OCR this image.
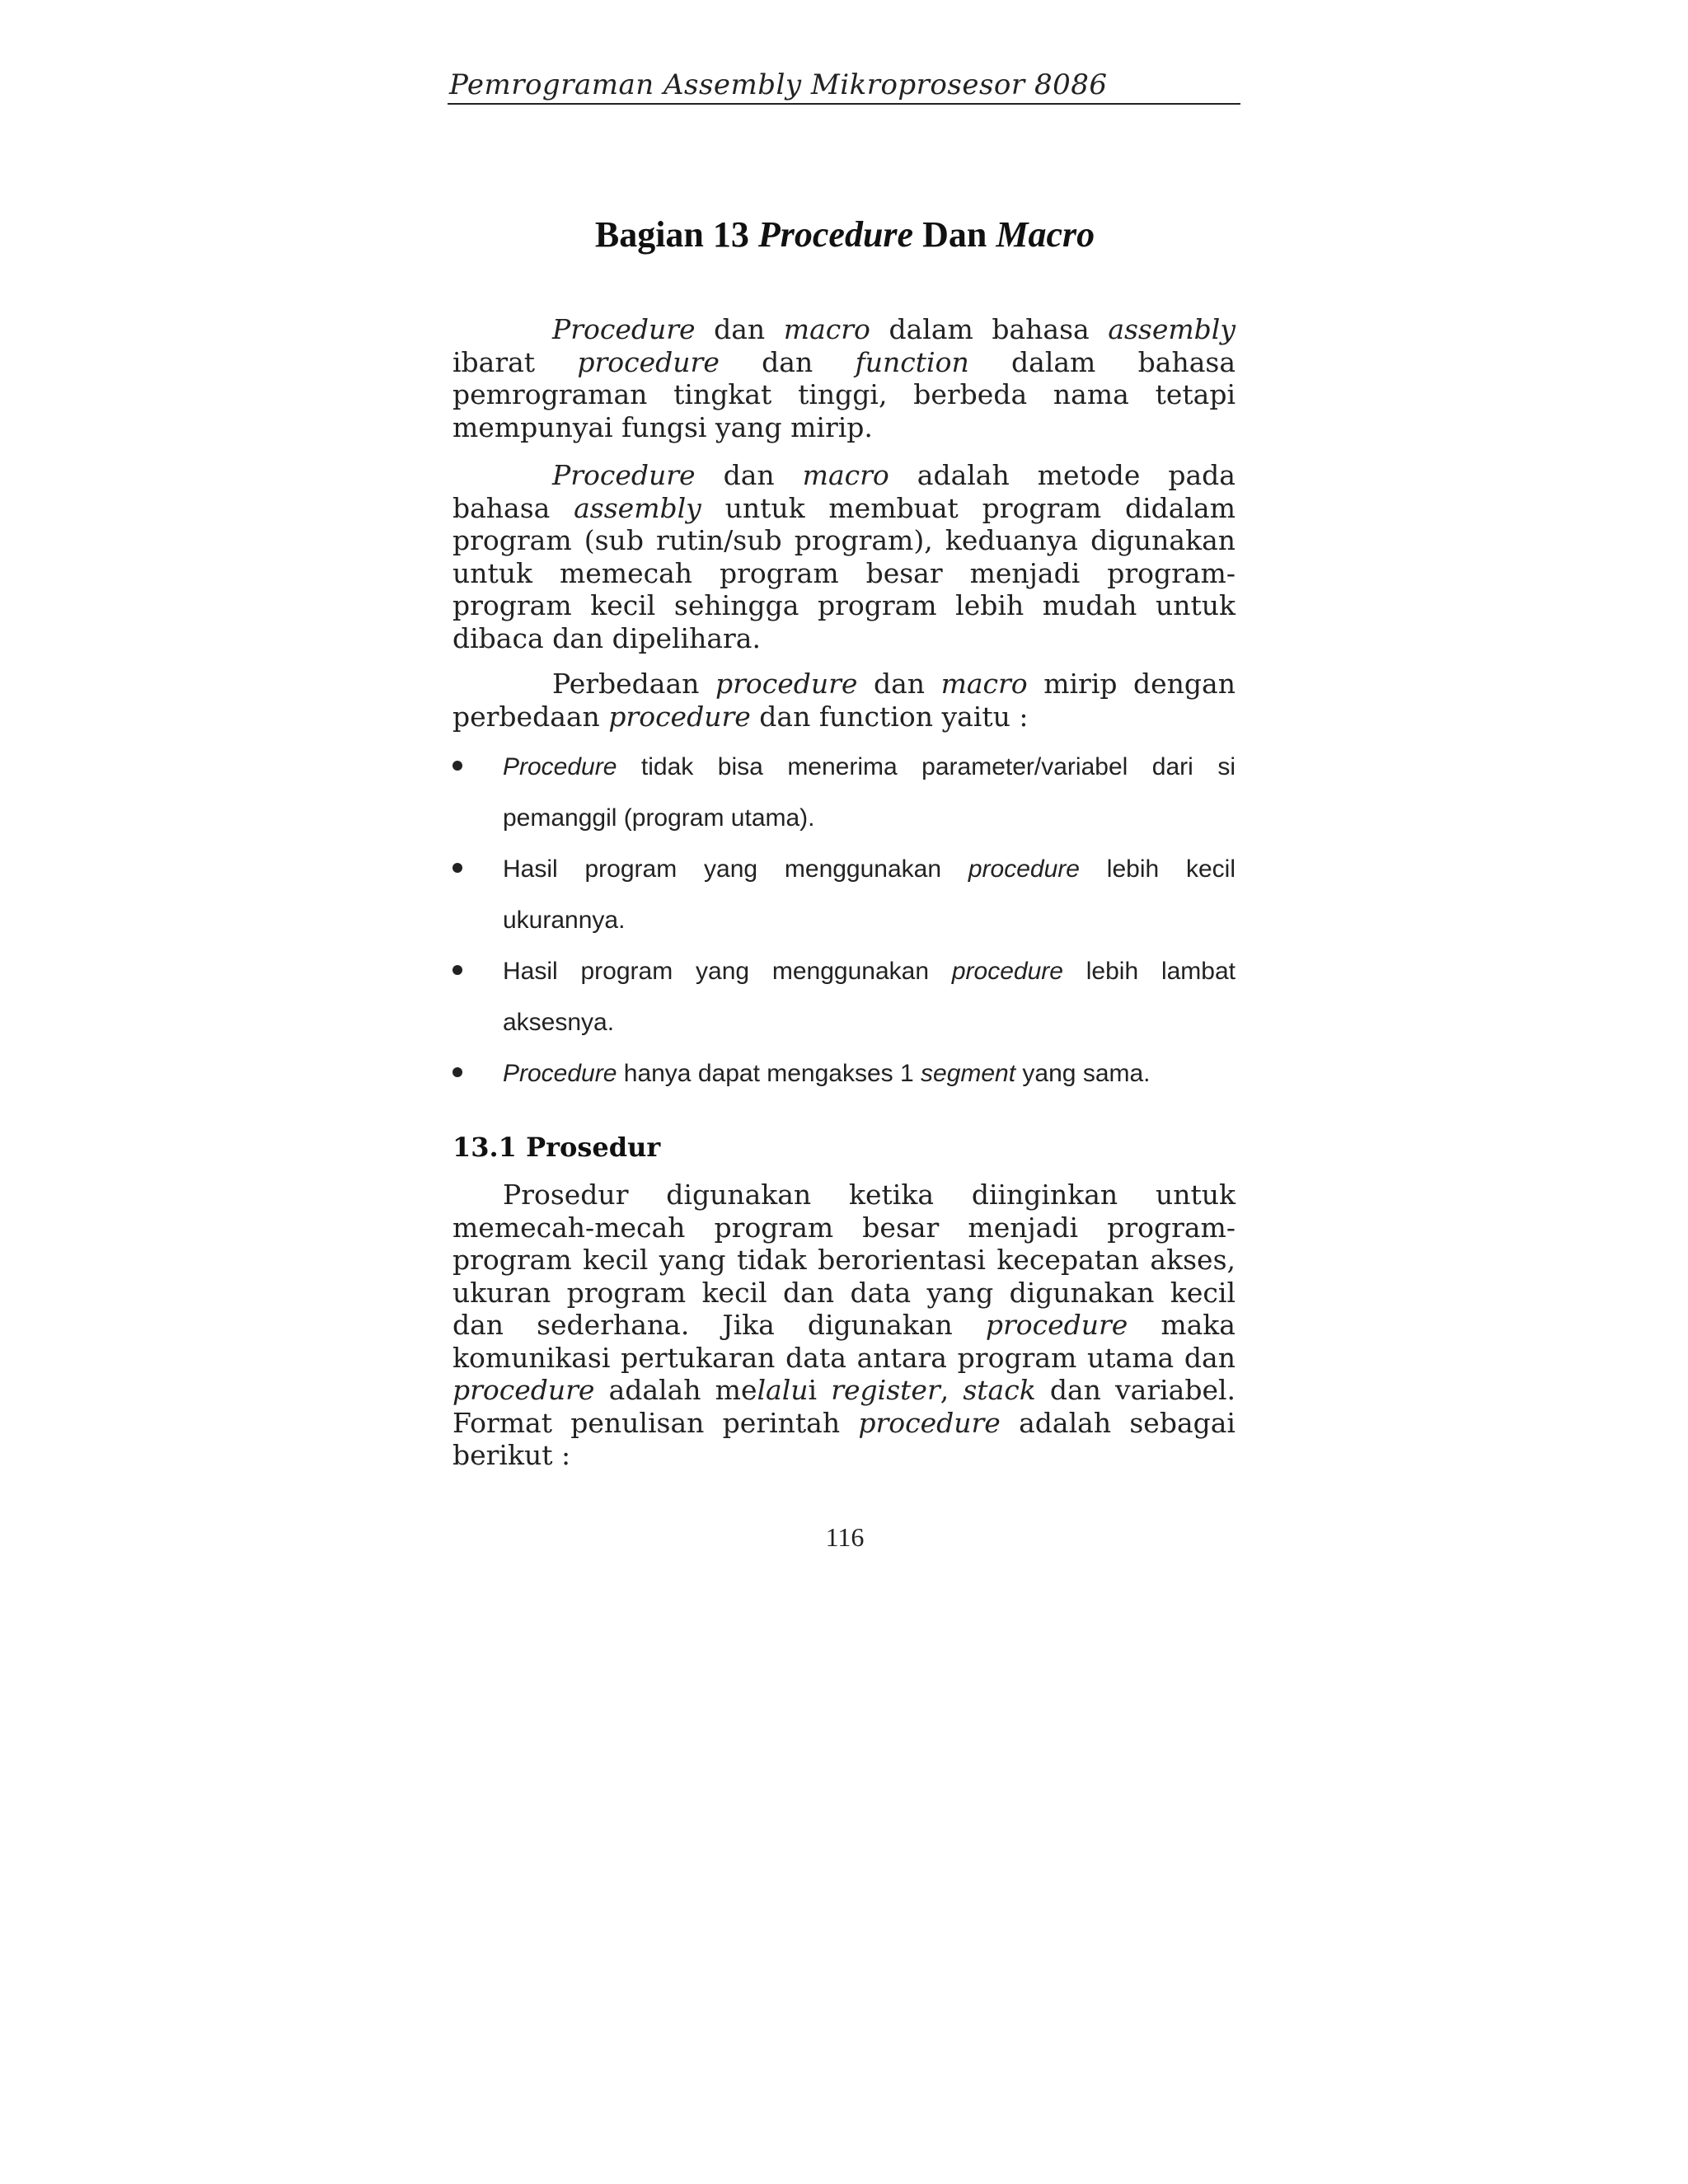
Pemrograman Assembly Mikroprosesor 8086
Bagian 13 Procedure Dan Macro

Procedure dan macro dalam bahasa assembly ibarat procedure dan function dalam bahasa pemrograman tingkat tinggi, berbeda nama tetapi mempunyai fungsi yang mirip.

Procedure dan macro adalah metode pada bahasa assembly untuk membuat program didalam program (sub rutin/sub program), keduanya digunakan untuk memecah program besar menjadi program-program kecil sehingga program lebih mudah untuk dibaca dan dipelihara.

Perbedaan procedure dan macro mirip dengan perbedaan procedure dan function yaitu :

Procedure tidak bisa menerima parameter/variabel dari si pemanggil (program utama).
Hasil program yang menggunakan procedure lebih kecil ukurannya.
Hasil program yang menggunakan procedure lebih lambat aksesnya.
Procedure hanya dapat mengakses 1 segment yang sama.
13.1 Prosedur

Prosedur digunakan ketika diinginkan untuk memecah-mecah program besar menjadi program-program kecil yang tidak berorientasi kecepatan akses, ukuran program kecil dan data yang digunakan kecil dan sederhana. Jika digunakan procedure maka komunikasi pertukaran data antara program utama dan procedure adalah melalui register, stack dan variabel. Format penulisan perintah procedure adalah sebagai berikut :

116
